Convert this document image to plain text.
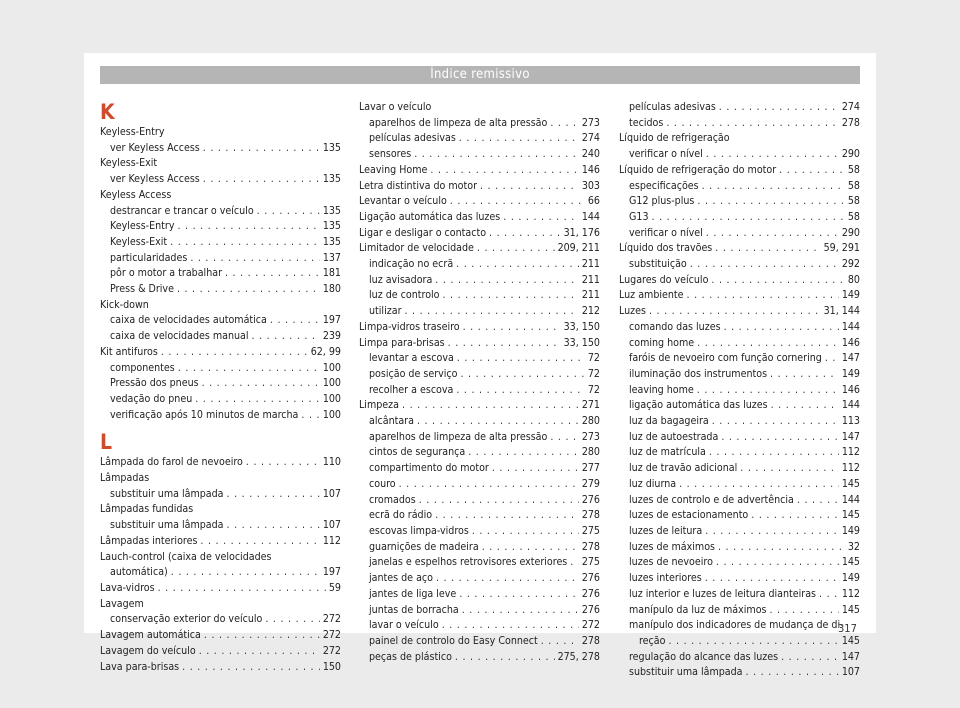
Índice remissivo
K
Keyless-Entry
ver Keyless Access . . .	135
Keyless-Exit
ver Keyless Access . . .	135
Keyless Access
destrancar e trancar o veículo . . .	135
Keyless-Entry . . .	135
Keyless-Exit . . .	135
particularidades . . .	137
pôr o motor a trabalhar . . .	181
Press & Drive . . .	180
Kick-down
caixa de velocidades automática . . .	197
caixa de velocidades manual . . .	239
Kit antifuros . . .	62, 99
componentes . . .	100
Pressão dos pneus . . .	100
vedação do pneu . . .	100
verificação após 10 minutos de marcha . . . 100
L
Lâmpada do farol de nevoeiro . . .	110
Lâmpadas
substituir uma lâmpada . . .	107
Lâmpadas fundidas
substituir uma lâmpada . . .	107
Lâmpadas interiores . . .	112
Lauch-control (caixa de velocidades
automática) . . .	197
Lava-vidros . . .	59
Lavagem
conservação exterior do veículo . . .	272
Lavagem automática . . .	272
Lavagem do veículo . . .	272
Lava para-brisas . . .	150
Lavar o veículo
aparelhos de limpeza de alta pressão . . .	273
películas adesivas . . .	274
sensores . . .	240
Leaving Home . . .	146
Letra distintiva do motor . . .	303
Levantar o veículo . . .	66
Ligação automática das luzes . . .	144
Ligar e desligar o contacto . . .	31, 176
Limitador de velocidade . . .	209, 211
indicação no ecrã . . .	211
luz avisadora . . .	211
luz de controlo . . .	211
utilizar . . .	212
Limpa-vidros traseiro . . .	33, 150
Limpa para-brisas . . .	33, 150
levantar a escova . . .	72
posição de serviço . . .	72
recolher a escova . . .	72
Limpeza . . .	271
alcântara . . .	280
aparelhos de limpeza de alta pressão . . .	273
cintos de segurança . . .	280
compartimento do motor . . .	277
couro . . .	279
cromados . . .	276
ecrã do rádio . . .	278
escovas limpa-vidros . . .	275
guarnições de madeira . . .	278
janelas e espelhos retrovisores exteriores . . . 275
jantes de aço . . .	276
jantes de liga leve . . .	276
juntas de borracha . . .	276
lavar o veículo . . .	272
painel de controlo do Easy Connect . . .	278
peças de plástico . . .	275, 278
películas adesivas . . .	274
tecidos . . .	278
Líquido de refrigeração
verificar o nível . . .	290
Líquido de refrigeração do motor . . .	58
especificações . . .	58
G12 plus-plus . . .	58
G13 . . .	58
verificar o nível . . .	290
Líquido dos travões . . .	59, 291
substituição . . .	292
Lugares do veículo . . .	80
Luz ambiente . . .	149
Luzes . . .	31, 144
comando das luzes . . .	144
coming home . . .	146
faróis de nevoeiro com função cornering . . . 147
iluminação dos instrumentos . . .	149
leaving home . . .	146
ligação automática das luzes . . .	144
luz da bagageira . . .	113
luz de autoestrada . . .	147
luz de matrícula . . .	112
luz de travão adicional . . .	112
luz diurna . . .	145
luzes de controlo e de advertência . . .	144
luzes de estacionamento . . .	145
luzes de leitura . . .	149
luzes de máximos . . .	32
luzes de nevoeiro . . .	145
luzes interiores . . .	149
luz interior e luzes de leitura dianteiras . . . 112
manípulo da luz de máximos . . .	145
manípulo dos indicadores de mudança de di-
reção . . .	145
regulação do alcance das luzes . . .	147
substituir uma lâmpada . . .	107
317
